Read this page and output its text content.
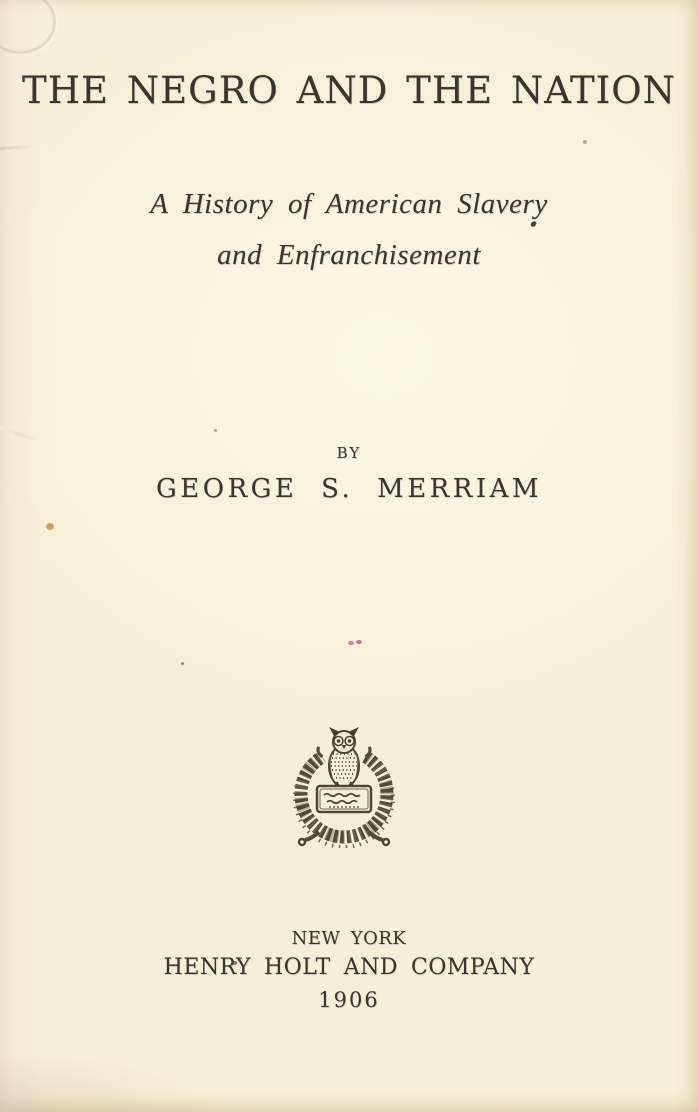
THE NEGRO AND THE NATION
A History of American Slavery
and Enfranchisement
BY
GEORGE S. MERRIAM
NEW YORK
HENRY HOLT AND COMPANY
1906
